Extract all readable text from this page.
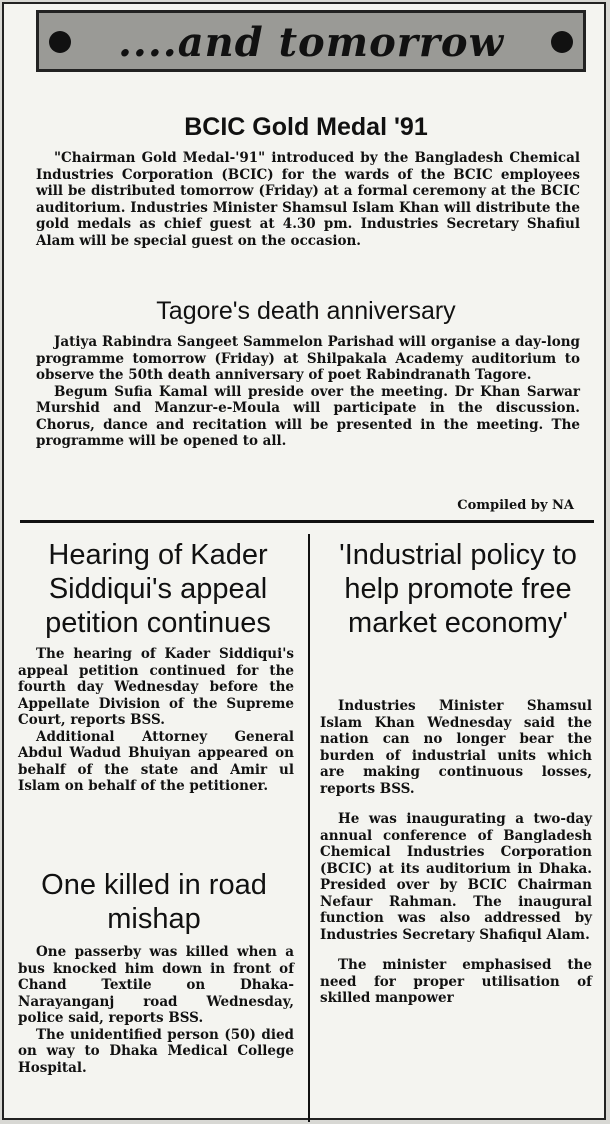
....and tomorrow
BCIC Gold Medal '91

"Chairman Gold Medal-'91" introduced by the Bangladesh Chemical Industries Corporation (BCIC) for the wards of the BCIC employees will be distributed tomorrow (Friday) at a formal ceremony at the BCIC auditorium. Industries Minister Shamsul Islam Khan will distribute the gold medals as chief guest at 4.30 pm. Industries Secretary Shafiul Alam will be special guest on the occasion.

Tagore's death anniversary

Jatiya Rabindra Sangeet Sammelon Parishad will organise a day-long programme tomorrow (Friday) at Shilpakala Academy auditorium to observe the 50th death anniversary of poet Rabindranath Tagore.

Begum Sufia Kamal will preside over the meeting. Dr Khan Sarwar Murshid and Manzur-e-Moula will participate in the discussion. Chorus, dance and recitation will be presented in the meeting. The programme will be opened to all.

Compiled by NA
Hearing of Kader Siddiqui's appeal petition continues

The hearing of Kader Siddiqui's appeal petition continued for the fourth day Wednesday before the Appellate Division of the Supreme Court, reports BSS.

Additional Attorney General Abdul Wadud Bhuiyan appeared on behalf of the state and Amir ul Islam on behalf of the petitioner.

One killed in road mishap

One passerby was killed when a bus knocked him down in front of Chand Textile on Dhaka-Narayanganj road Wednesday, police said, reports BSS.

The unidentified person (50) died on way to Dhaka Medical College Hospital.

'Industrial policy to help promote free market economy'

Industries Minister Shamsul Islam Khan Wednesday said the nation can no longer bear the burden of industrial units which are making continuous losses, reports BSS.

He was inaugurating a two-day annual conference of Bangladesh Chemical Industries Corporation (BCIC) at its auditorium in Dhaka. Presided over by BCIC Chairman Nefaur Rahman. The inaugural function was also addressed by Industries Secretary Shafiqul Alam.

The minister emphasised the need for proper utilisation of skilled manpower
